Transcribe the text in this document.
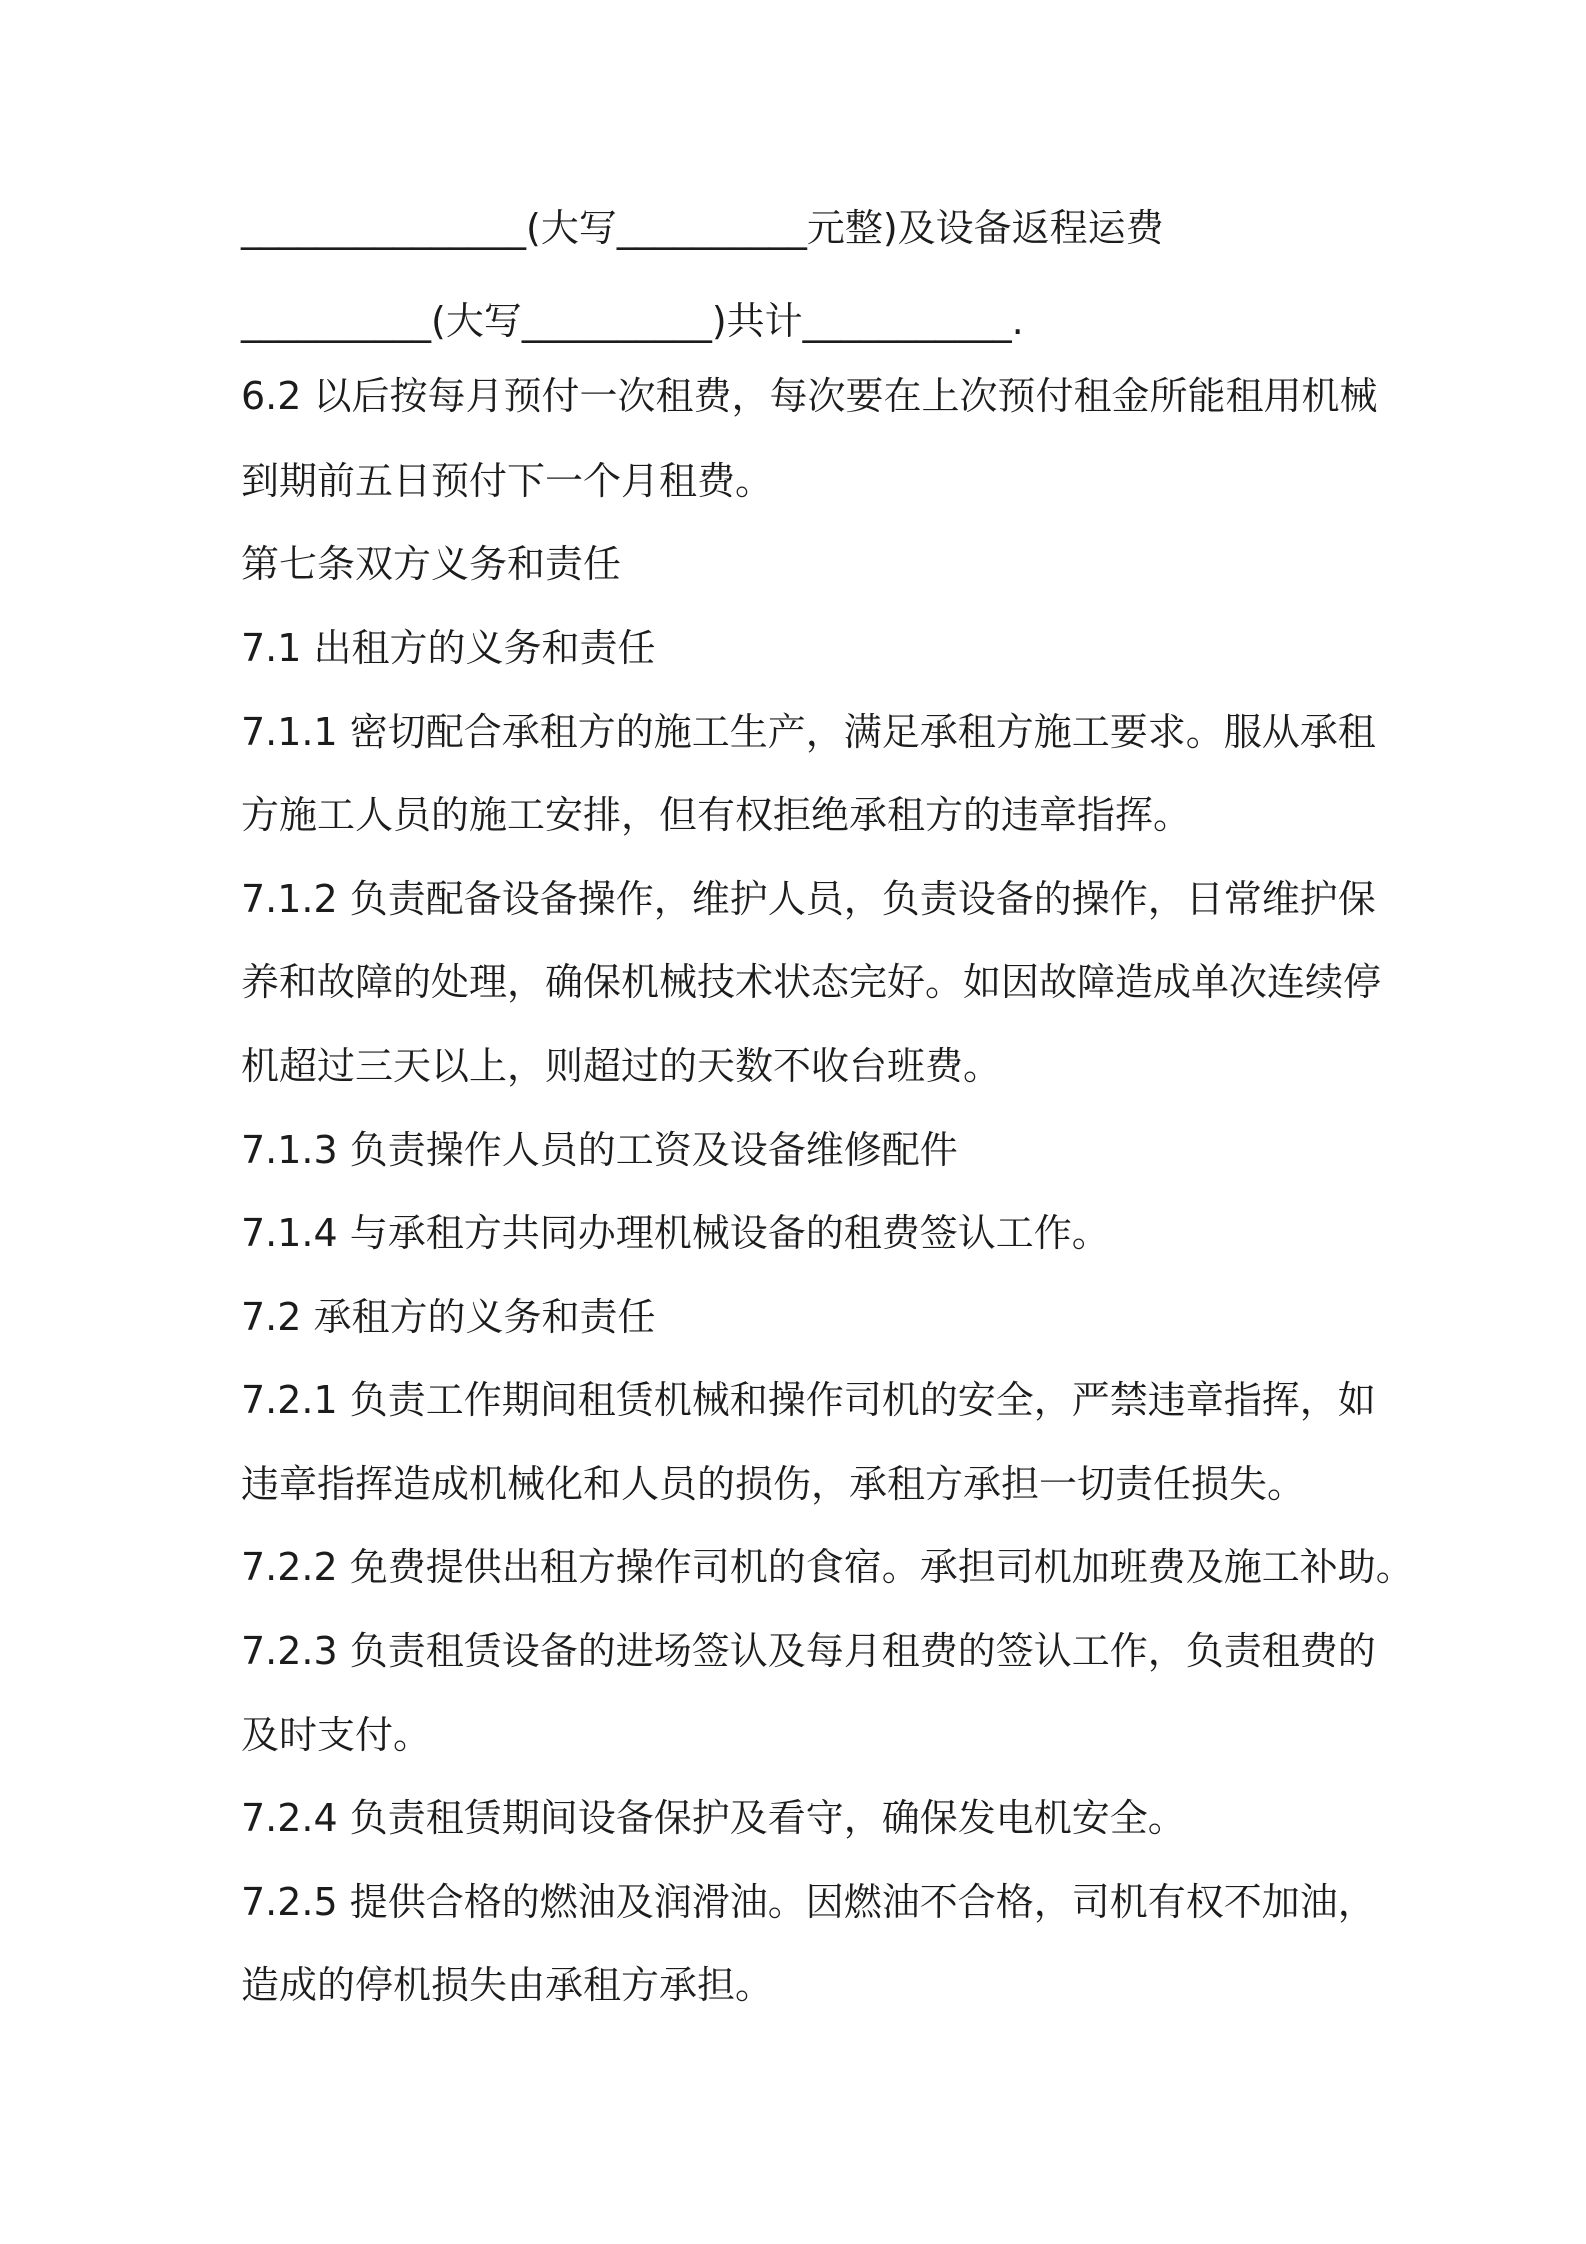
_______________(大写__________元整)及设备返程运费
__________(大写__________)共计___________.
6.2 以后按每月预付一次租费，每次要在上次预付租金所能租用机械
到期前五日预付下一个月租费。
第七条双方义务和责任
7.1 出租方的义务和责任
7.1.1 密切配合承租方的施工生产，满足承租方施工要求。服从承租
方施工人员的施工安排，但有权拒绝承租方的违章指挥。
7.1.2 负责配备设备操作，维护人员，负责设备的操作，日常维护保
养和故障的处理，确保机械技术状态完好。如因故障造成单次连续停
机超过三天以上，则超过的天数不收台班费。
7.1.3 负责操作人员的工资及设备维修配件
7.1.4 与承租方共同办理机械设备的租费签认工作。
7.2 承租方的义务和责任
7.2.1 负责工作期间租赁机械和操作司机的安全，严禁违章指挥，如
违章指挥造成机械化和人员的损伤，承租方承担一切责任损失。
7.2.2 免费提供出租方操作司机的食宿。承担司机加班费及施工补助。
7.2.3 负责租赁设备的进场签认及每月租费的签认工作，负责租费的
及时支付。
7.2.4 负责租赁期间设备保护及看守，确保发电机安全。
7.2.5 提供合格的燃油及润滑油。因燃油不合格，司机有权不加油，
造成的停机损失由承租方承担。
